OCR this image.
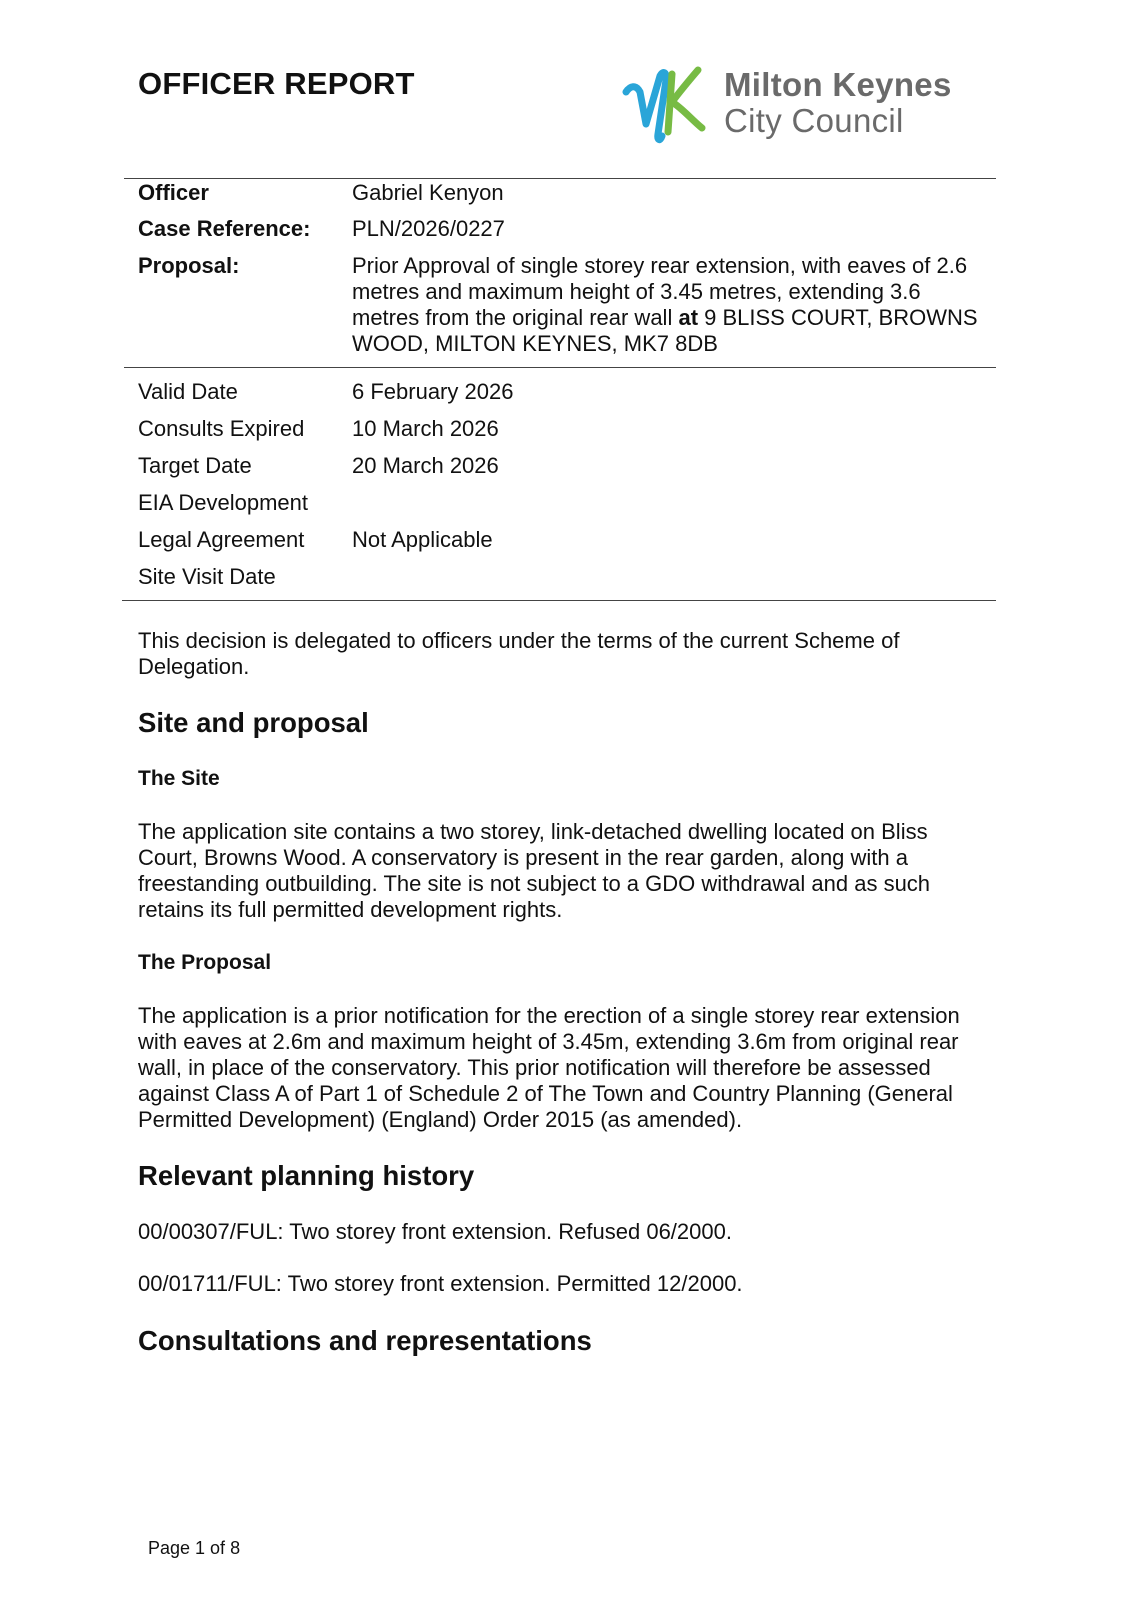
OFFICER REPORT	Milton Keynes
City Council
Officer	Gabriel Kenyon
Case Reference: PLN/2026/0227
Proposal:	Prior Approval of single storey rear extension, with eaves of 2.6 metres and maximum height of 3.45 metres, extending 3.6 metres from the original rear wall at 9 BLISS COURT, BROWNS WOOD, MILTON KEYNES, MK7 8DB
Valid Date	6 February 2026
Consults Expired 10 March 2026
Target Date	20 March 2026
EIA Development
Legal Agreement Not Applicable
Site Visit Date
This decision is delegated to officers under the terms of the current Scheme of Delegation.
Site and proposal
The Site
The application site contains a two storey, link-detached dwelling located on Bliss Court, Browns Wood. A conservatory is present in the rear garden, along with a freestanding outbuilding. The site is not subject to a GDO withdrawal and as such retains its full permitted development rights.
The Proposal
The application is a prior notification for the erection of a single storey rear extension with eaves at 2.6m and maximum height of 3.45m, extending 3.6m from original rear wall, in place of the conservatory. This prior notification will therefore be assessed against Class A of Part 1 of Schedule 2 of The Town and Country Planning (General Permitted Development) (England) Order 2015 (as amended).
Relevant planning history
00/00307/FUL: Two storey front extension. Refused 06/2000.
00/01711/FUL: Two storey front extension. Permitted 12/2000.
Consultations and representations
Page 1 of 8
